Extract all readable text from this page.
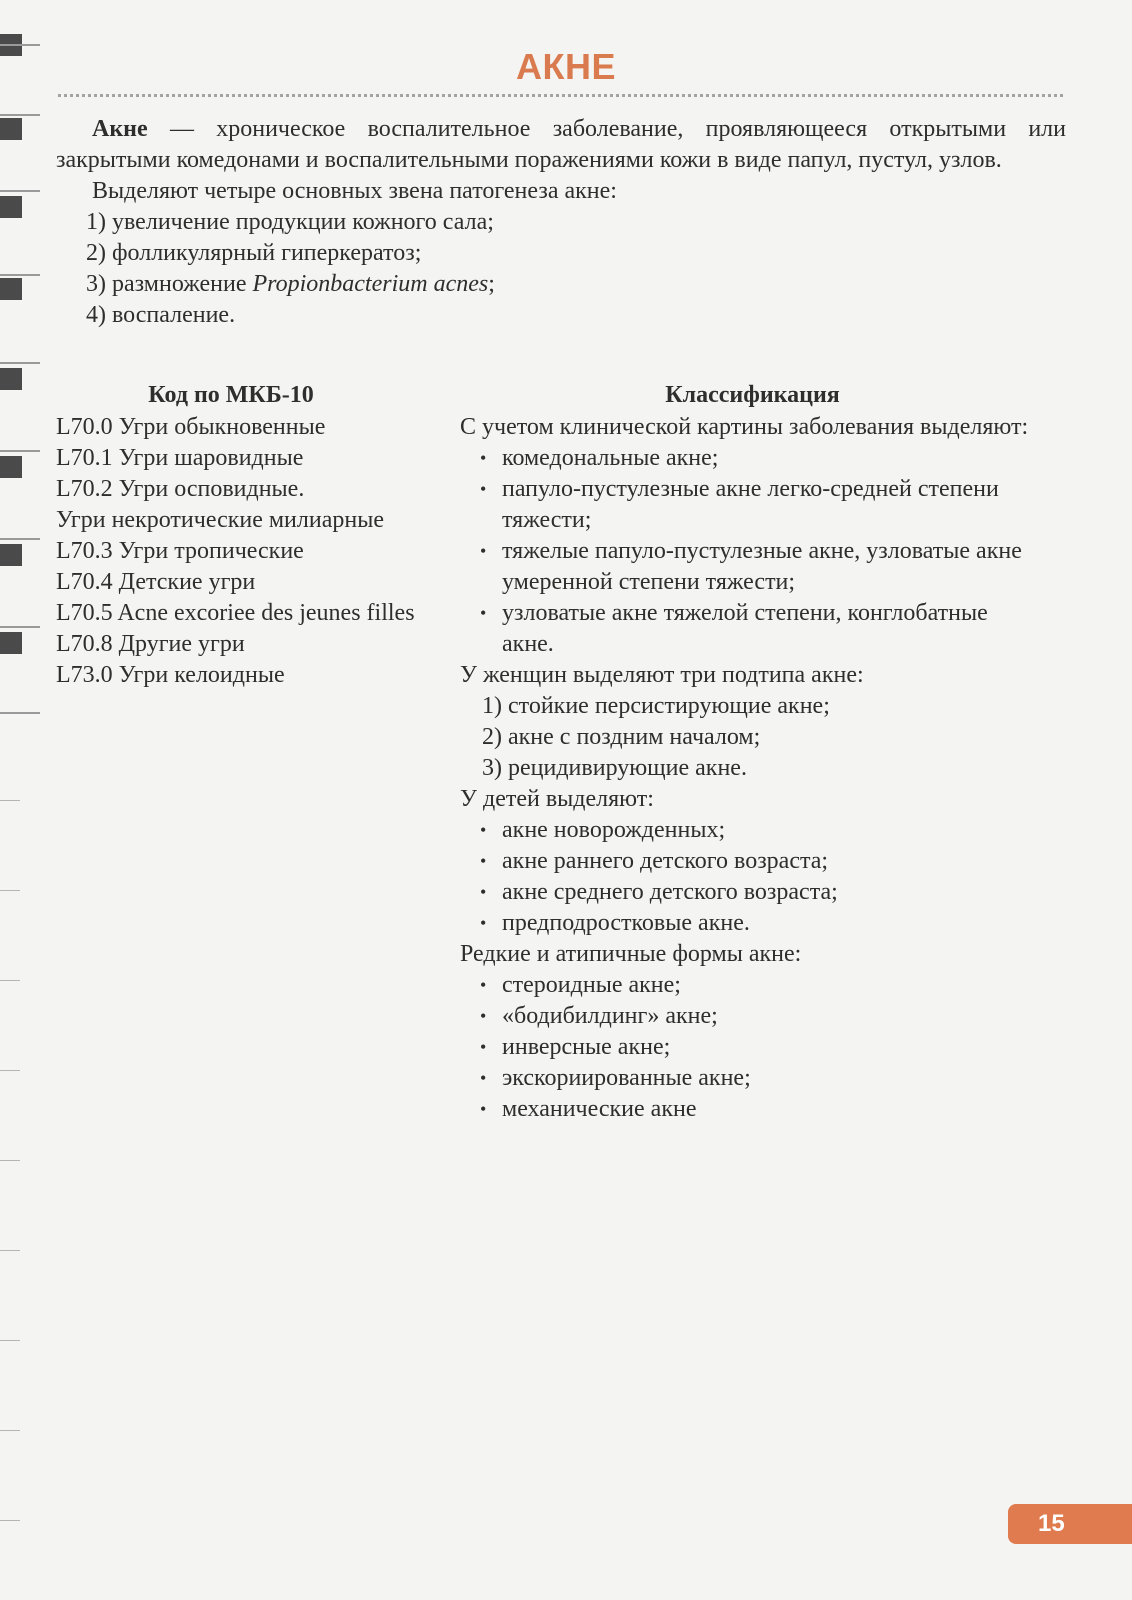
АКНЕ

Акне — хроническое воспалительное заболевание, проявляющееся открытыми или закрытыми комедонами и воспалительными поражениями кожи в виде папул, пустул, узлов.

Выделяют четыре основных звена патогенеза акне:

1) увеличение продукции кожного сала;

2) фолликулярный гиперкератоз;

3) размножение Propionbacterium acnes;

4) воспаление.

Код по МКБ-10
L70.0 Угри обыкновенные
L70.1 Угри шаровидные
L70.2 Угри осповидные.
Угри некротические милиарные
L70.3 Угри тропические
L70.4 Детские угри
L70.5 Acne excoriee des jeunes filles
L70.8 Другие угри
L73.0 Угри келоидные
Классификация
С учетом клинической картины заболевания выделяют:
• комедональные акне;
• папуло-пустулезные акне легко-средней степени тяжести;
• тяжелые папуло-пустулезные акне, узловатые акне умеренной степени тяжести;
• узловатые акне тяжелой степени, конглобатные акне.
У женщин выделяют три подтипа акне:
1) стойкие персистирующие акне;
2) акне с поздним началом;
3) рецидивирующие акне.
У детей выделяют:
• акне новорожденных;
• акне раннего детского возраста;
• акне среднего детского возраста;
• предподростковые акне.
Редкие и атипичные формы акне:
• стероидные акне;
• «бодибилдинг» акне;
• инверсные акне;
• экскориированные акне;
• механические акне
15
